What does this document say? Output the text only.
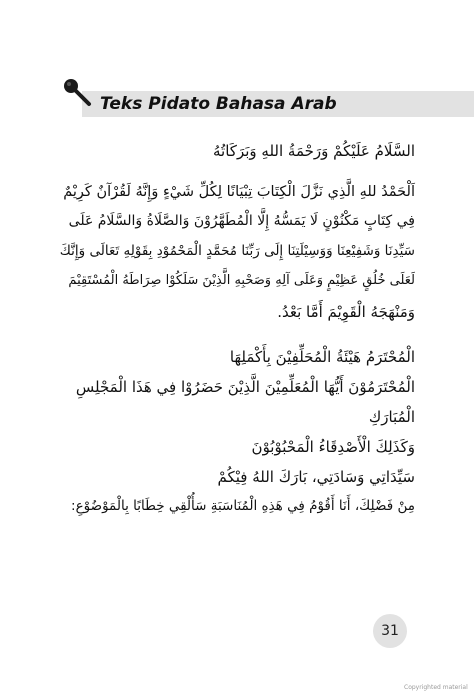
Teks Pidato Bahasa Arab
السَّلَامُ عَلَيْكُمْ وَرَحْمَةُ اللهِ وَبَرَكَاتُهُ
اَلْحَمْدُ للهِ الَّذِي نَزَّلَ الْكِتَابَ تِبْيَانًا لِكُلِّ شَيْءٍ وَإِنَّهُ لَقُرْآنٌ كَرِيْمٌ
فِي كِتَابٍ مَكْنُوْنٍ لَا يَمَسُّهُ إِلَّا الْمُطَهَّرُوْنَ وَالصَّلَاةُ وَالسَّلَامُ عَلَى
سَيِّدِنَا وَشَفِيْعِنَا وَوَسِيْلَتِنَا إِلَى رَبِّنَا مُحَمَّدٍ الْمَحْمُوْدِ بِقَوْلِهِ تَعَالَى وَإِنَّكَ
لَعَلَى خُلُقٍ عَظِيْمٍ وَعَلَى آلِهِ وَصَحْبِهِ الَّذِيْنَ سَلَكُوْا صِرَاطَهُ الْمُسْتَقِيْمَ
وَمَنْهَجَهُ الْقَوِيْمَ أَمَّا بَعْدُ.
الْمُحْتَرَمُ هَيْئَةُ الْمُحَلِّفِيْنَ بِأَكْمَلِهَا
الْمُحْتَرَمُوْنَ أَيُّهَا الْمُعَلِّمِيْنَ الَّذِيْنَ حَضَرُوْا فِي هَذَا الْمَجْلِسِ
الْمُبَارَكِ
وَكَذَلِكَ الْأَصْدِقَاءُ الْمَحْبُوْبُوْنَ
سَيِّدَاتِي وَسَادَتِي، بَارَكَ اللهُ فِيْكُمْ
مِنْ فَضْلِكَ، أَنَا أَقُوْمُ فِي هَذِهِ الْمُنَاسَبَةِ سَأُلْقِي خِطَابًا بِالْمَوْضُوْعِ:
31
Copyrighted material
